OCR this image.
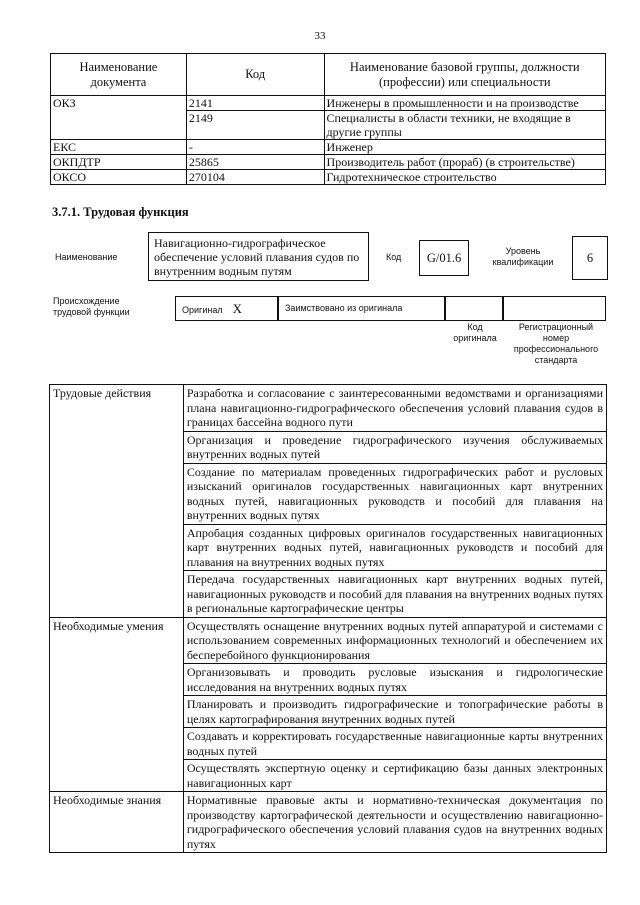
33
Наименование документа	Код	Наименование базовой группы, должности (профессии) или специальности
ОКЗ	2141	Инженеры в промышленности и на производстве
	2149	Специалисты в области техники, не входящие в другие группы
ЕКС	-	Инженер
ОКПДТР	25865	Производитель работ (прораб) (в строительстве)
ОКСО	270104	Гидротехническое строительство
3.7.1. Трудовая функция
Наименование
Навигационно-гидрографическое обеспечение условий плавания судов по внутренним водным путям
Код	G/01.6	Уровень квалификации	6
Происхождение трудовой функции	Оригинал X	Заимствовано из оригинала
Код оригинала
Регистрационный номер профессионального стандарта
Трудовые действия	Разработка и согласование с заинтересованными ведомствами и организациями плана навигационно-гидрографического обеспечения условий плавания судов в границах бассейна водного пути
	Организация и проведение гидрографического изучения обслуживаемых внутренних водных путей
	Создание по материалам проведенных гидрографических работ и русловых изысканий оригиналов государственных навигационных карт внутренних водных путей, навигационных руководств и пособий для плавания на внутренних водных путях
	Апробация созданных цифровых оригиналов государственных навигационных карт внутренних водных путей, навигационных руководств и пособий для плавания на внутренних водных путях
	Передача государственных навигационных карт внутренних водных путей, навигационных руководств и пособий для плавания на внутренних водных путях в региональные картографические центры
Необходимые умения	Осуществлять оснащение внутренних водных путей аппаратурой и системами с использованием современных информационных технологий и обеспечением их бесперебойного функционирования
	Организовывать и проводить русловые изыскания и гидрологические исследования на внутренних водных путях
	Планировать и производить гидрографические и топографические работы в целях картографирования внутренних водных путей
	Создавать и корректировать государственные навигационные карты внутренних водных путей
	Осуществлять экспертную оценку и сертификацию базы данных электронных навигационных карт
Необходимые знания	Нормативные правовые акты и нормативно-техническая документация по производству картографической деятельности и осуществлению навигационно-гидрографического обеспечения условий плавания судов на внутренних водных путях
